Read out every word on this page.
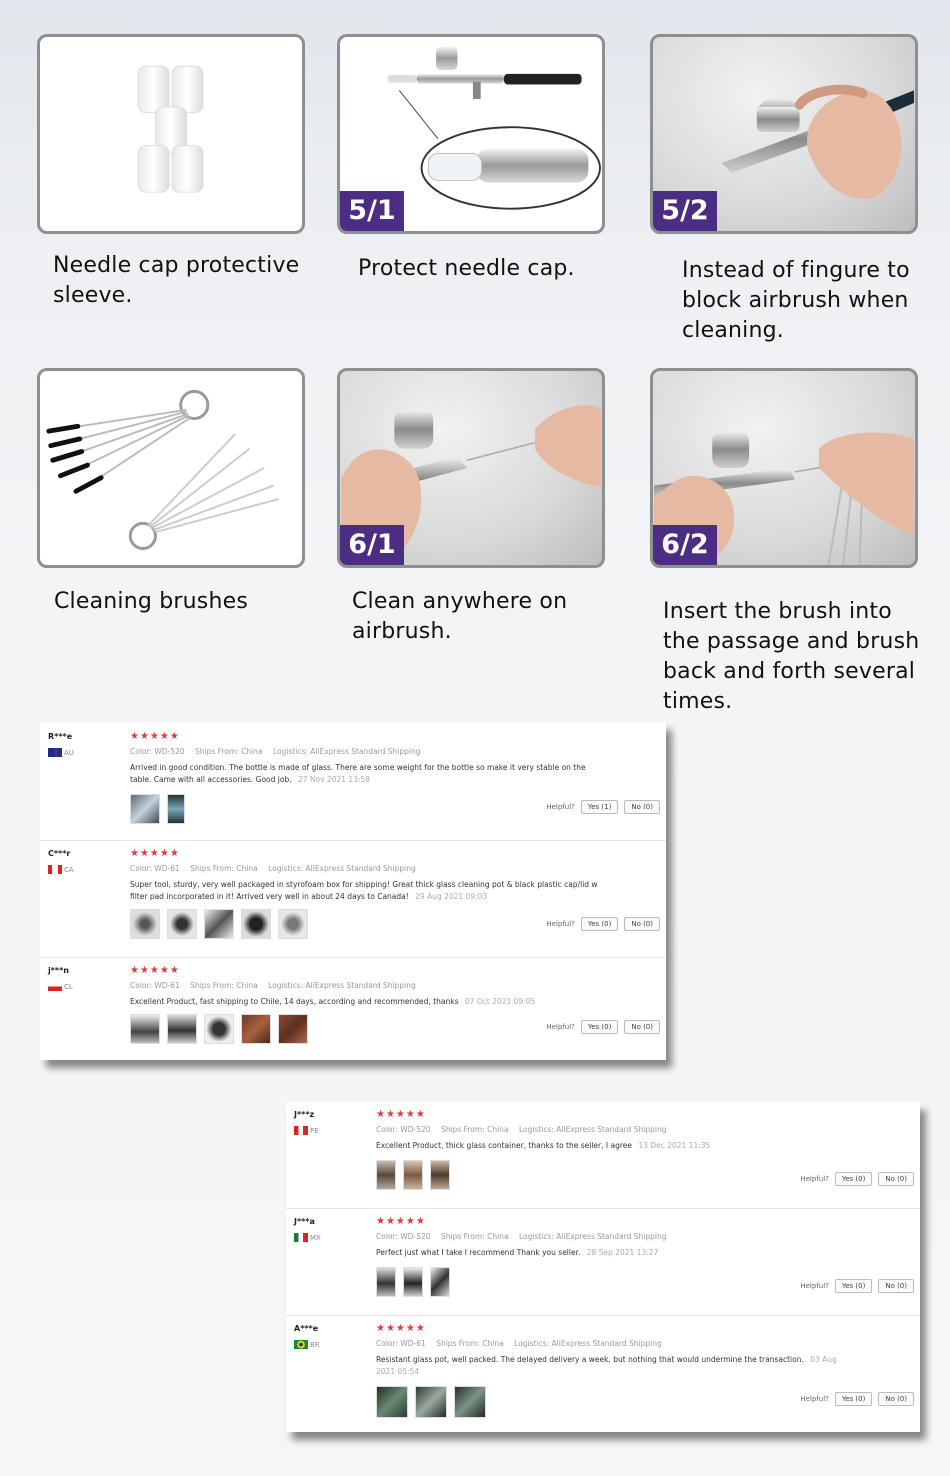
Needle cap protective sleeve.
5/1
Protect needle cap.
5/2
Instead of fingure to block airbrush when cleaning.
Cleaning brushes
6/1
Clean anywhere on airbrush.
6/2
Insert the brush into the passage and brush back and forth several times.
R***e
AU
★★★★★
Color: WD-520 Ships From: China Logistics: AliExpress Standard Shipping
Arrived in good condition. The bottle is made of glass. There are some weight for the bottle so make it very stable on the table. Came with all accessories. Good job. 27 Nov 2021 13:58
Helpful?	Yes (1)	No (0)
C***r
CA
★★★★★
Color: WD-61 Ships From: China Logistics: AliExpress Standard Shipping
Super tool, sturdy, very well packaged in styrofoam box for shipping! Great thick glass cleaning pot & black plastic cap/lid w filter pad incorporated in it! Arrived very well in about 24 days to Canada! 29 Aug 2021 09:03
Helpful?	Yes (0)	No (0)
j***n
CL
★★★★★
Color: WD-61 Ships From: China Logistics: AliExpress Standard Shipping
Excellent Product, fast shipping to Chile, 14 days, according and recommended, thanks 07 Oct 2021 09:05
Helpful?	Yes (0)	No (0)
J***z
PE
★★★★★
Color: WD-520 Ships From: China Logistics: AliExpress Standard Shipping
Excellent Product, thick glass container, thanks to the seller, I agree 13 Dec 2021 11:35
Helpful?	Yes (0)	No (0)
J***a
MX
★★★★★
Color: WD-520 Ships From: China Logistics: AliExpress Standard Shipping
Perfect just what I take I recommend Thank you seller. 28 Sep 2021 13:27
Helpful?	Yes (0)	No (0)
A***e
BR
★★★★★
Color: WD-61 Ships From: China Logistics: AliExpress Standard Shipping
Resistant glass pot, well packed. The delayed delivery a week, but nothing that would undermine the transaction. 03 Aug 2021 05:54
Helpful?	Yes (0)	No (0)
